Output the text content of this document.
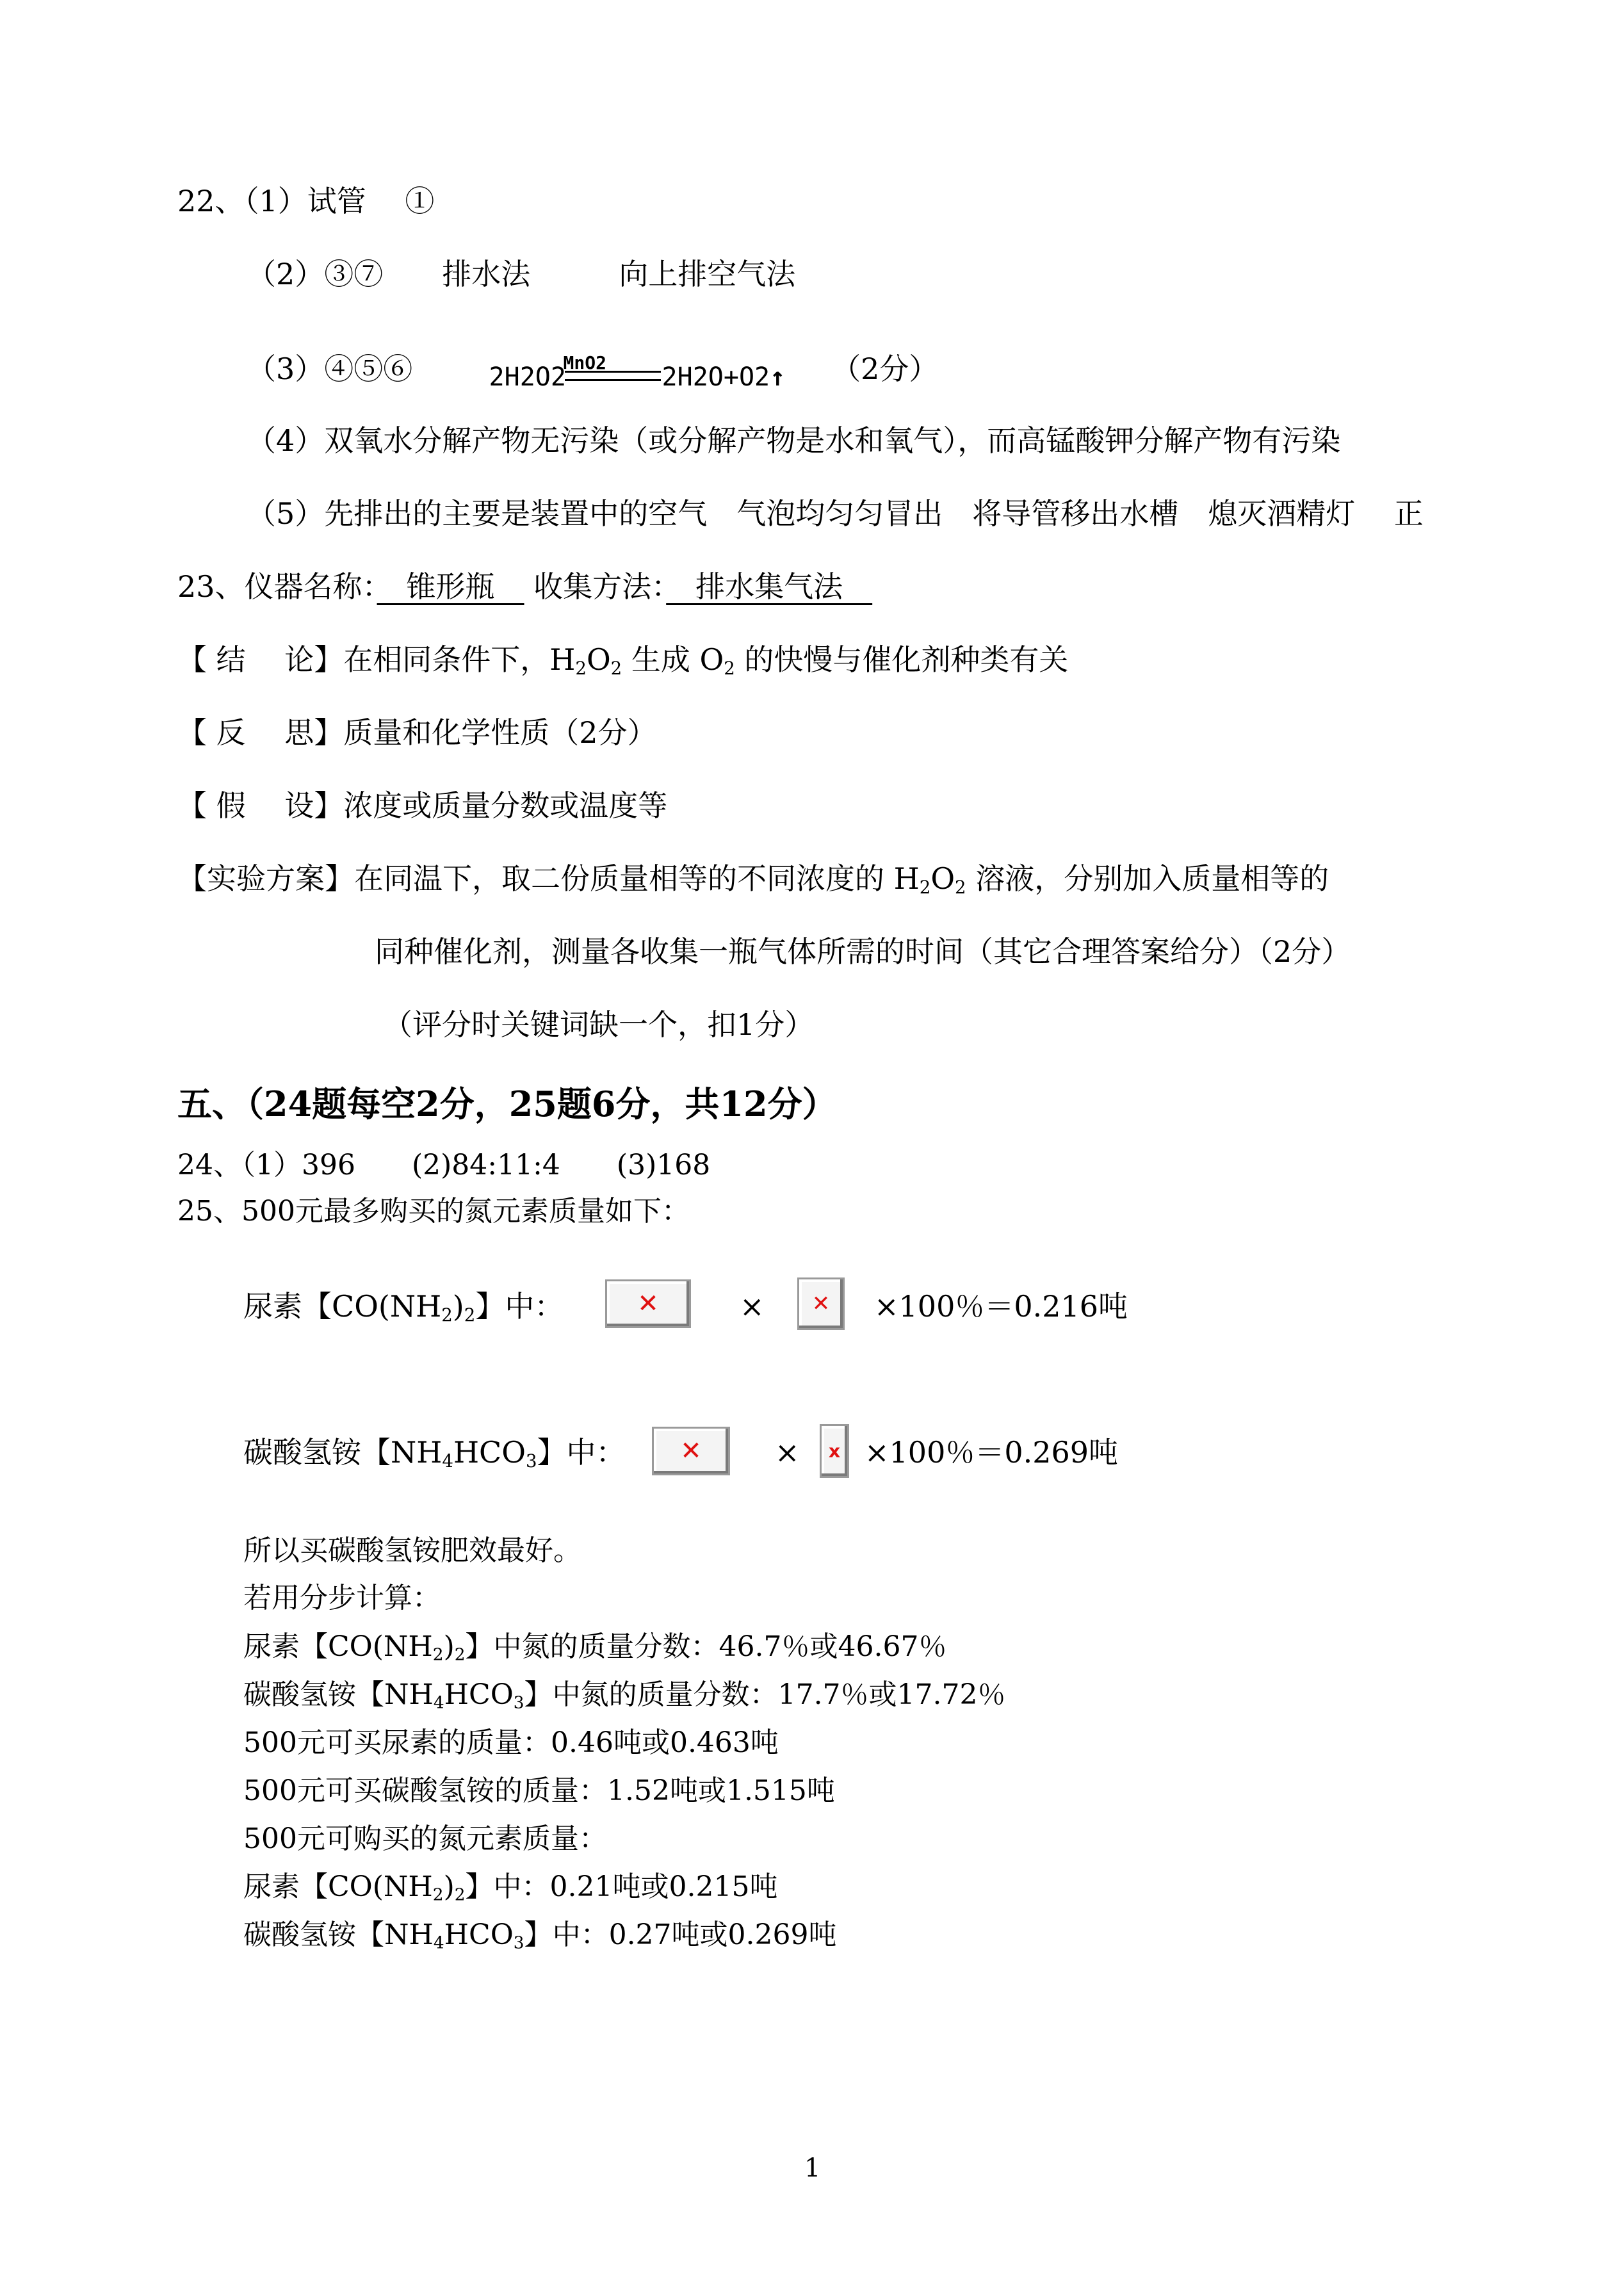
22、（1）试管　 ①
（2）③⑦　　排水法　　　向上排空气法
（3）④⑤⑥	MnO2
2H2O2	2H2O+O2↑ （2分）
（4）双氧水分解产物无污染（或分解产物是水和氧气），而高锰酸钾分解产物有污染
（5）先排出的主要是装置中的空气　气泡均匀匀冒出　将导管移出水槽　熄灭酒精灯　 正
23、仪器名称：　锥形瓶　 收集方法：　排水集气法　
【 结　 论】在相同条件下，$H_2O_2$ 生成 $O_2$ 的快慢与催化剂种类有关
【 反　 思】质量和化学性质（2分）
【 假　 设】浓度或质量分数或温度等
【实验方案】在同温下，取二份质量相等的不同浓度的 $H_2O_2$ 溶液，分别加入质量相等的
同种催化剂，测量各收集一瓶气体所需的时间（其它合理答案给分）（2分）
（评分时关键词缺一个，扣1分）
五、（24题每空2分，25题6分，共12分）
24、（1）396　　(2)84:11:4　　(3)168
25、500元最多购买的氮元素质量如下：
尿素【$CO(NH_2)_2$】中：	✕	× ✕ ×100％＝0.216吨
碳酸氢铵【$NH_4HCO_3$】中： ✕ × x ×100％＝0.269吨
所以买碳酸氢铵肥效最好。
若用分步计算：
尿素【$CO(NH_2)_2$】中氮的质量分数：46.7％或46.67％
碳酸氢铵【$NH_4HCO_3$】中氮的质量分数：17.7％或17.72％
500元可买尿素的质量：0.46吨或0.463吨
500元可买碳酸氢铵的质量：1.52吨或1.515吨
500元可购买的氮元素质量：
尿素【$CO(NH_2)_2$】中：0.21吨或0.215吨
碳酸氢铵【$NH_4HCO_3$】中：0.27吨或0.269吨
1
